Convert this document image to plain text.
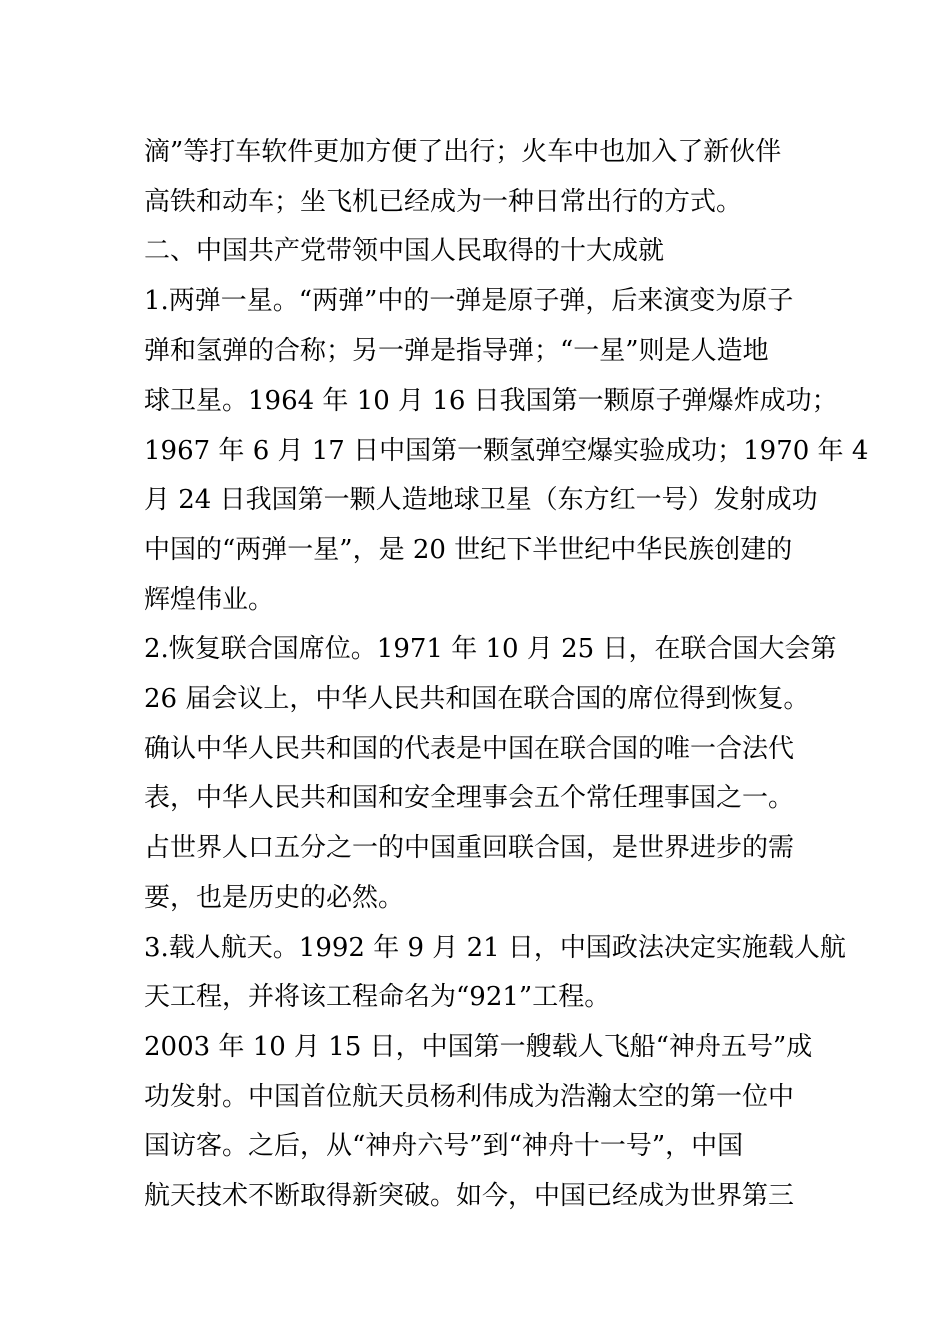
滴”等打车软件更加方便了出行；火车中也加入了新伙伴
高铁和动车；坐飞机已经成为一种日常出行的方式。
二、中国共产党带领中国人民取得的十大成就
1.两弹一星。“两弹”中的一弹是原子弹，后来演变为原子
弹和氢弹的合称；另一弹是指导弹；“一星”则是人造地
球卫星。1964 年 10 月 16 日我国第一颗原子弹爆炸成功；
1967 年 6 月 17 日中国第一颗氢弹空爆实验成功；1970 年 4
月 24 日我国第一颗人造地球卫星（东方红一号）发射成功
中国的“两弹一星”，是 20 世纪下半世纪中华民族创建的
辉煌伟业。
2.恢复联合国席位。1971 年 10 月 25 日，在联合国大会第
26 届会议上，中华人民共和国在联合国的席位得到恢复。
确认中华人民共和国的代表是中国在联合国的唯一合法代
表，中华人民共和国和安全理事会五个常任理事国之一。
占世界人口五分之一的中国重回联合国，是世界进步的需
要，也是历史的必然。
3.载人航天。1992 年 9 月 21 日，中国政法决定实施载人航
天工程，并将该工程命名为“921”工程。
2003 年 10 月 15 日，中国第一艘载人飞船“神舟五号”成
功发射。中国首位航天员杨利伟成为浩瀚太空的第一位中
国访客。之后，从“神舟六号”到“神舟十一号”，中国
航天技术不断取得新突破。如今，中国已经成为世界第三
